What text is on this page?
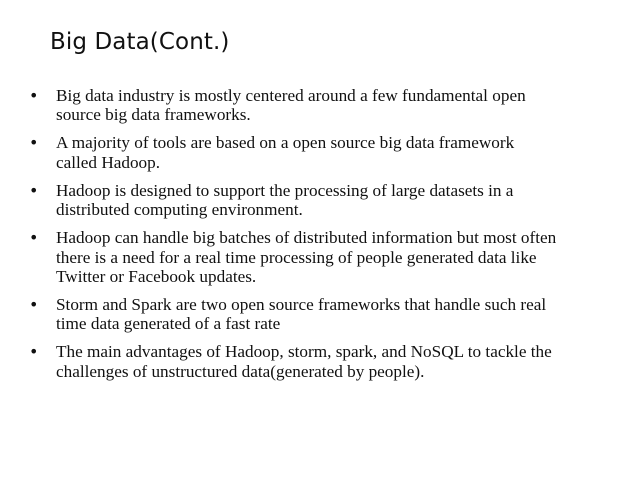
Big Data(Cont.)
• Big data industry is mostly centered around a few fundamental open
source big data frameworks.
• A majority of tools are based on a open source big data framework
called Hadoop.
• Hadoop is designed to support the processing of large datasets in a
distributed computing environment.
• Hadoop can handle big batches of distributed information but most often
there is a need for a real time processing of people generated data like
Twitter or Facebook updates.
• Storm and Spark are two open source frameworks that handle such real
time data generated of a fast rate
• The main advantages of Hadoop, storm, spark, and NoSQL to tackle the
challenges of unstructured data(generated by people).
